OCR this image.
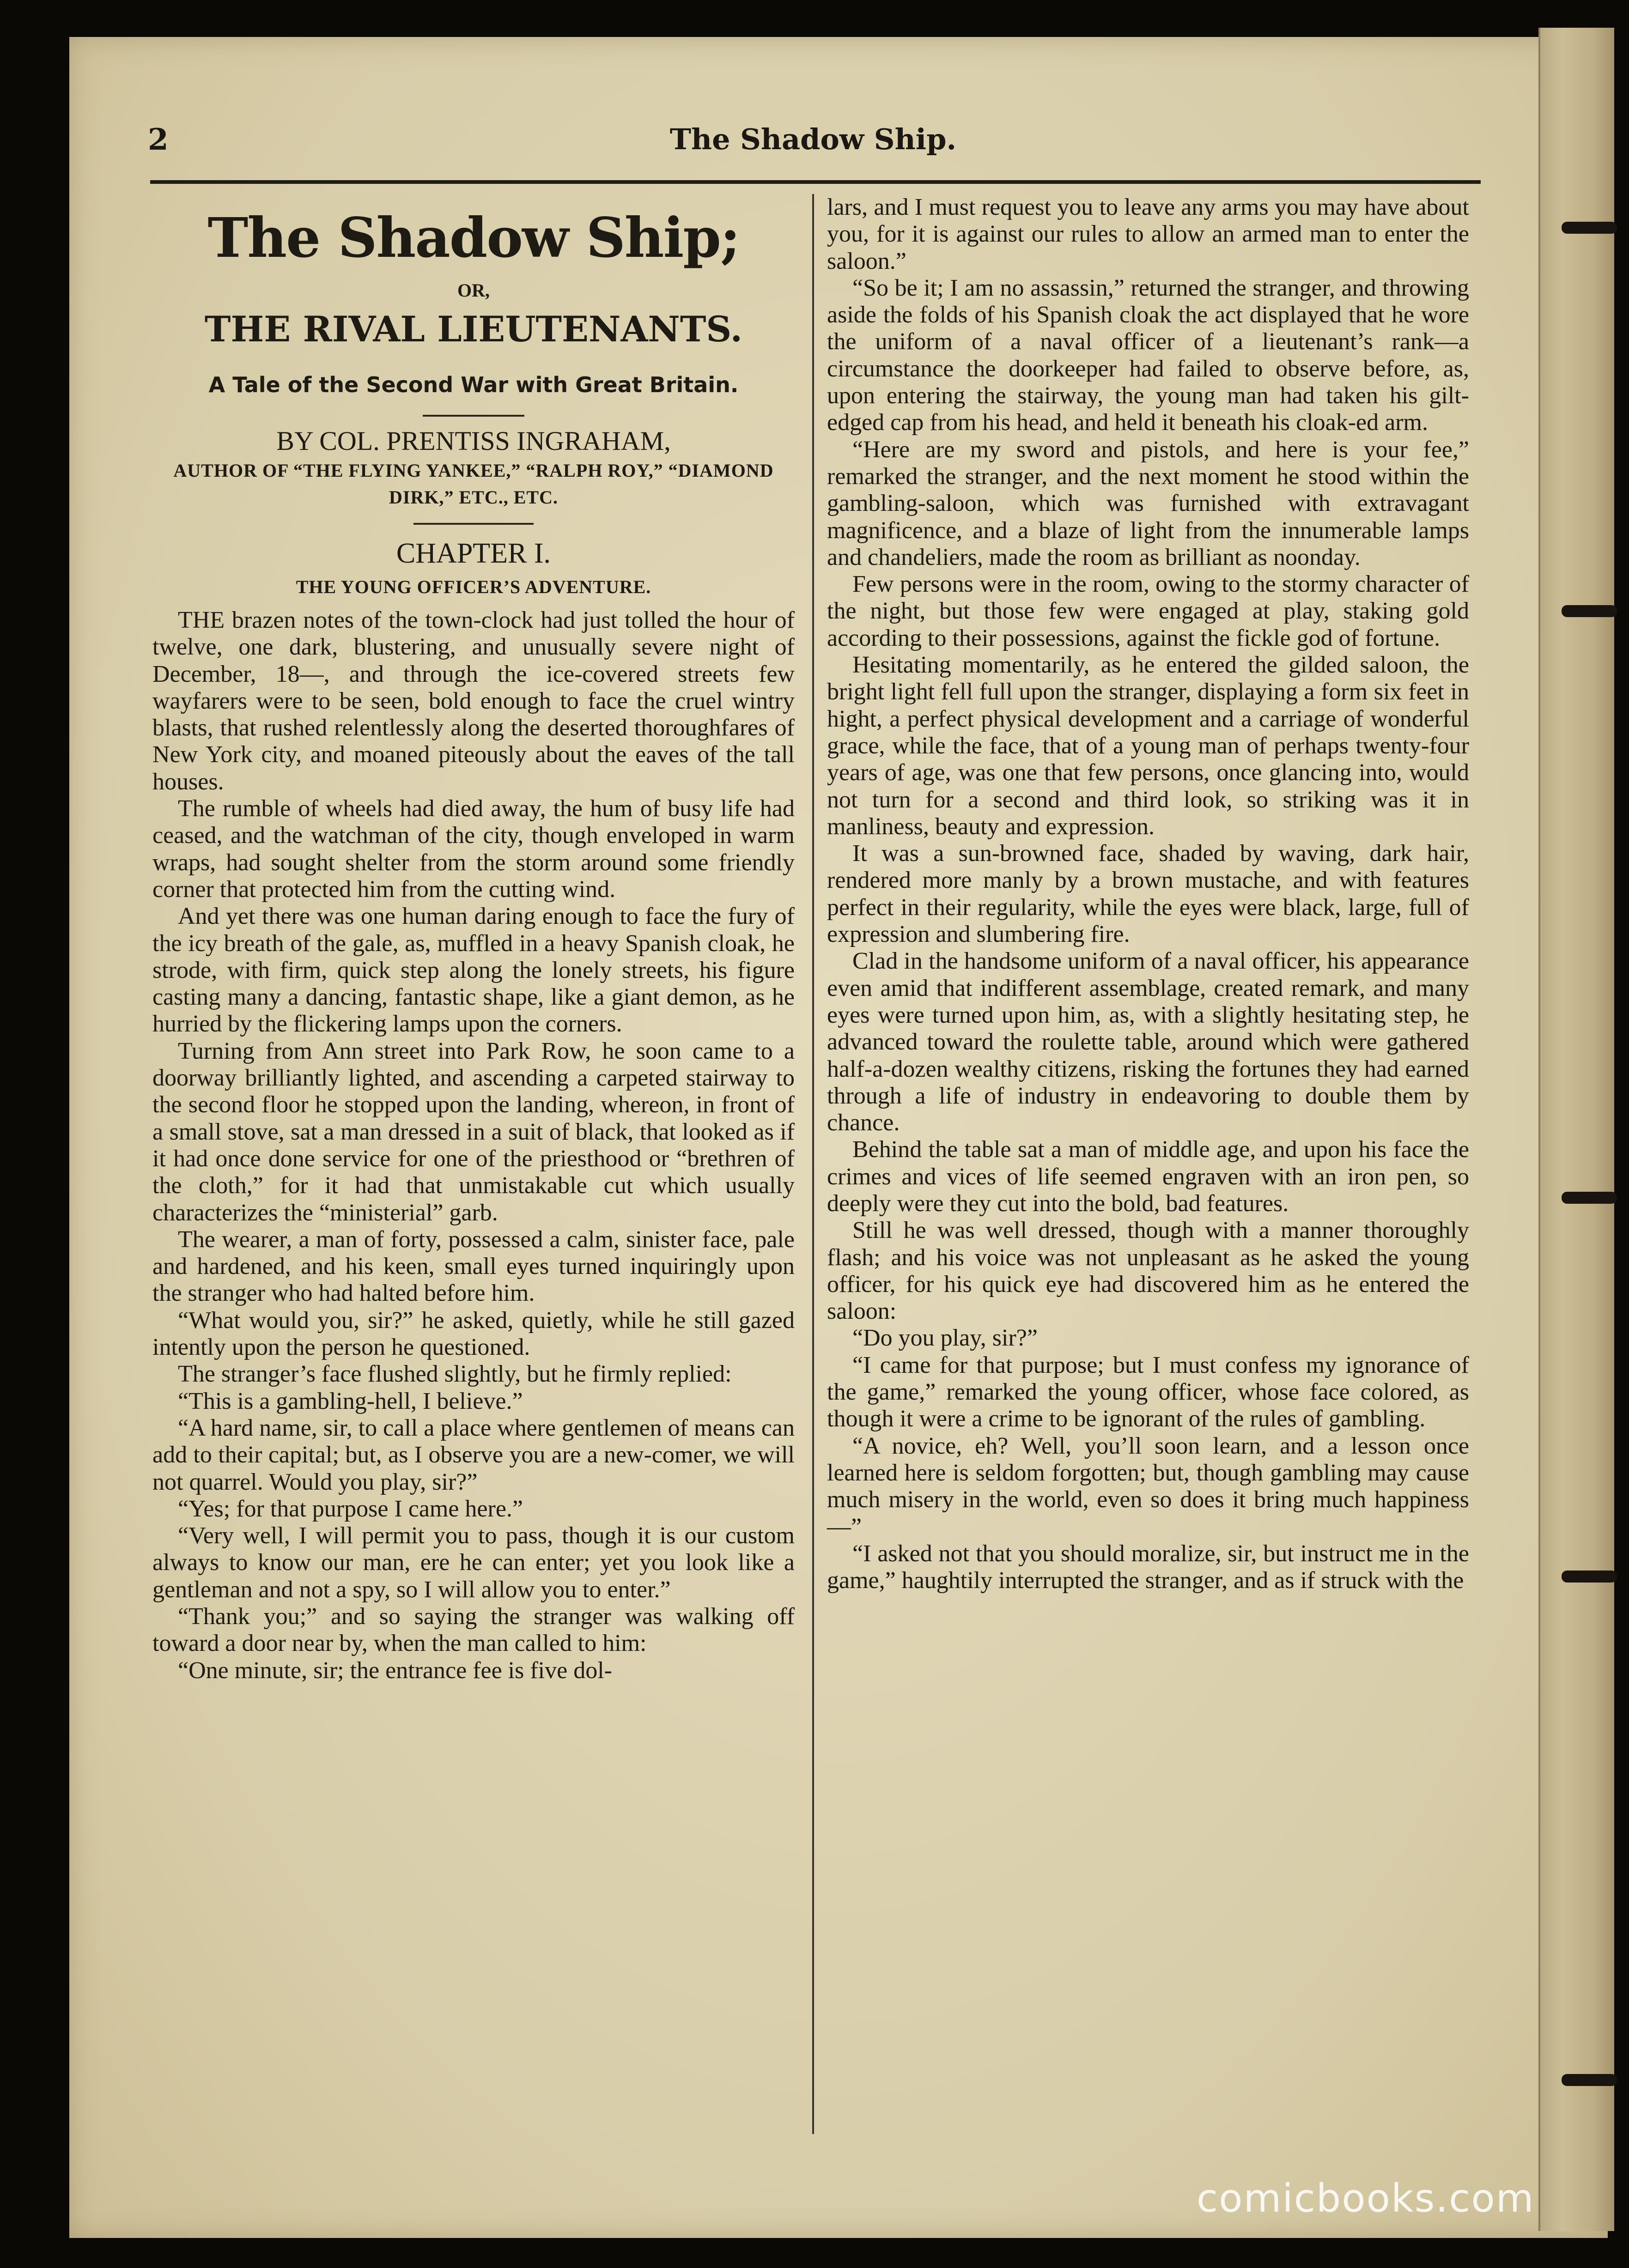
2	The Shadow Ship.
The Shadow Ship;
OR,
THE RIVAL LIEUTENANTS.
A Tale of the Second War with Great Britain.
BY COL. PRENTISS INGRAHAM,
AUTHOR OF “THE FLYING YANKEE,” “RALPH ROY,” “DIAMOND DIRK,” ETC., ETC.
CHAPTER I.
THE YOUNG OFFICER’S ADVENTURE.

THE brazen notes of the town-clock had just tolled the hour of twelve, one dark, blustering, and unusually severe night of December, 18—, and through the ice-covered streets few wayfarers were to be seen, bold enough to face the cruel wintry blasts, that rushed relentlessly along the deserted thoroughfares of New York city, and moaned piteously about the eaves of the tall houses.

The rumble of wheels had died away, the hum of busy life had ceased, and the watchman of the city, though enveloped in warm wraps, had sought shelter from the storm around some friendly corner that protected him from the cutting wind.

And yet there was one human daring enough to face the fury of the icy breath of the gale, as, muffled in a heavy Spanish cloak, he strode, with firm, quick step along the lonely streets, his figure casting many a dancing, fantastic shape, like a giant demon, as he hurried by the flickering lamps upon the corners.

Turning from Ann street into Park Row, he soon came to a doorway brilliantly lighted, and ascending a carpeted stairway to the second floor he stopped upon the landing, whereon, in front of a small stove, sat a man dressed in a suit of black, that looked as if it had once done service for one of the priesthood or “brethren of the cloth,” for it had that unmistakable cut which usually characterizes the “ministerial” garb.

The wearer, a man of forty, possessed a calm, sinister face, pale and hardened, and his keen, small eyes turned inquiringly upon the stranger who had halted before him.

“What would you, sir?” he asked, quietly, while he still gazed intently upon the person he questioned.

The stranger’s face flushed slightly, but he firmly replied:

“This is a gambling-hell, I believe.”

“A hard name, sir, to call a place where gentlemen of means can add to their capital; but, as I observe you are a new-comer, we will not quarrel. Would you play, sir?”

“Yes; for that purpose I came here.”

“Very well, I will permit you to pass, though it is our custom always to know our man, ere he can enter; yet you look like a gentleman and not a spy, so I will allow you to enter.”

“Thank you;” and so saying the stranger was walking off toward a door near by, when the man called to him:

“One minute, sir; the entrance fee is five dol-

lars, and I must request you to leave any arms you may have about you, for it is against our rules to allow an armed man to enter the saloon.”

“So be it; I am no assassin,” returned the stranger, and throwing aside the folds of his Spanish cloak the act displayed that he wore the uniform of a naval officer of a lieutenant’s rank—a circumstance the doorkeeper had failed to observe before, as, upon entering the stairway, the young man had taken his gilt-edged cap from his head, and held it beneath his cloak-ed arm.

“Here are my sword and pistols, and here is your fee,” remarked the stranger, and the next moment he stood within the gambling-saloon, which was furnished with extravagant magnificence, and a blaze of light from the innumerable lamps and chandeliers, made the room as brilliant as noonday.

Few persons were in the room, owing to the stormy character of the night, but those few were engaged at play, staking gold according to their possessions, against the fickle god of fortune.

Hesitating momentarily, as he entered the gilded saloon, the bright light fell full upon the stranger, displaying a form six feet in hight, a perfect physical development and a carriage of wonderful grace, while the face, that of a young man of perhaps twenty-four years of age, was one that few persons, once glancing into, would not turn for a second and third look, so striking was it in manliness, beauty and expression.

It was a sun-browned face, shaded by waving, dark hair, rendered more manly by a brown mustache, and with features perfect in their regularity, while the eyes were black, large, full of expression and slumbering fire.

Clad in the handsome uniform of a naval officer, his appearance even amid that indifferent assemblage, created remark, and many eyes were turned upon him, as, with a slightly hesitating step, he advanced toward the roulette table, around which were gathered half-a-dozen wealthy citizens, risking the fortunes they had earned through a life of industry in endeavoring to double them by chance.

Behind the table sat a man of middle age, and upon his face the crimes and vices of life seemed engraven with an iron pen, so deeply were they cut into the bold, bad features.

Still he was well dressed, though with a manner thoroughly flash; and his voice was not unpleasant as he asked the young officer, for his quick eye had discovered him as he entered the saloon:

“Do you play, sir?”

“I came for that purpose; but I must confess my ignorance of the game,” remarked the young officer, whose face colored, as though it were a crime to be ignorant of the rules of gambling.

“A novice, eh? Well, you’ll soon learn, and a lesson once learned here is seldom forgotten; but, though gambling may cause much misery in the world, even so does it bring much happiness—”

“I asked not that you should moralize, sir, but instruct me in the game,” haughtily interrupted the stranger, and as if struck with the

comicbooks.com
